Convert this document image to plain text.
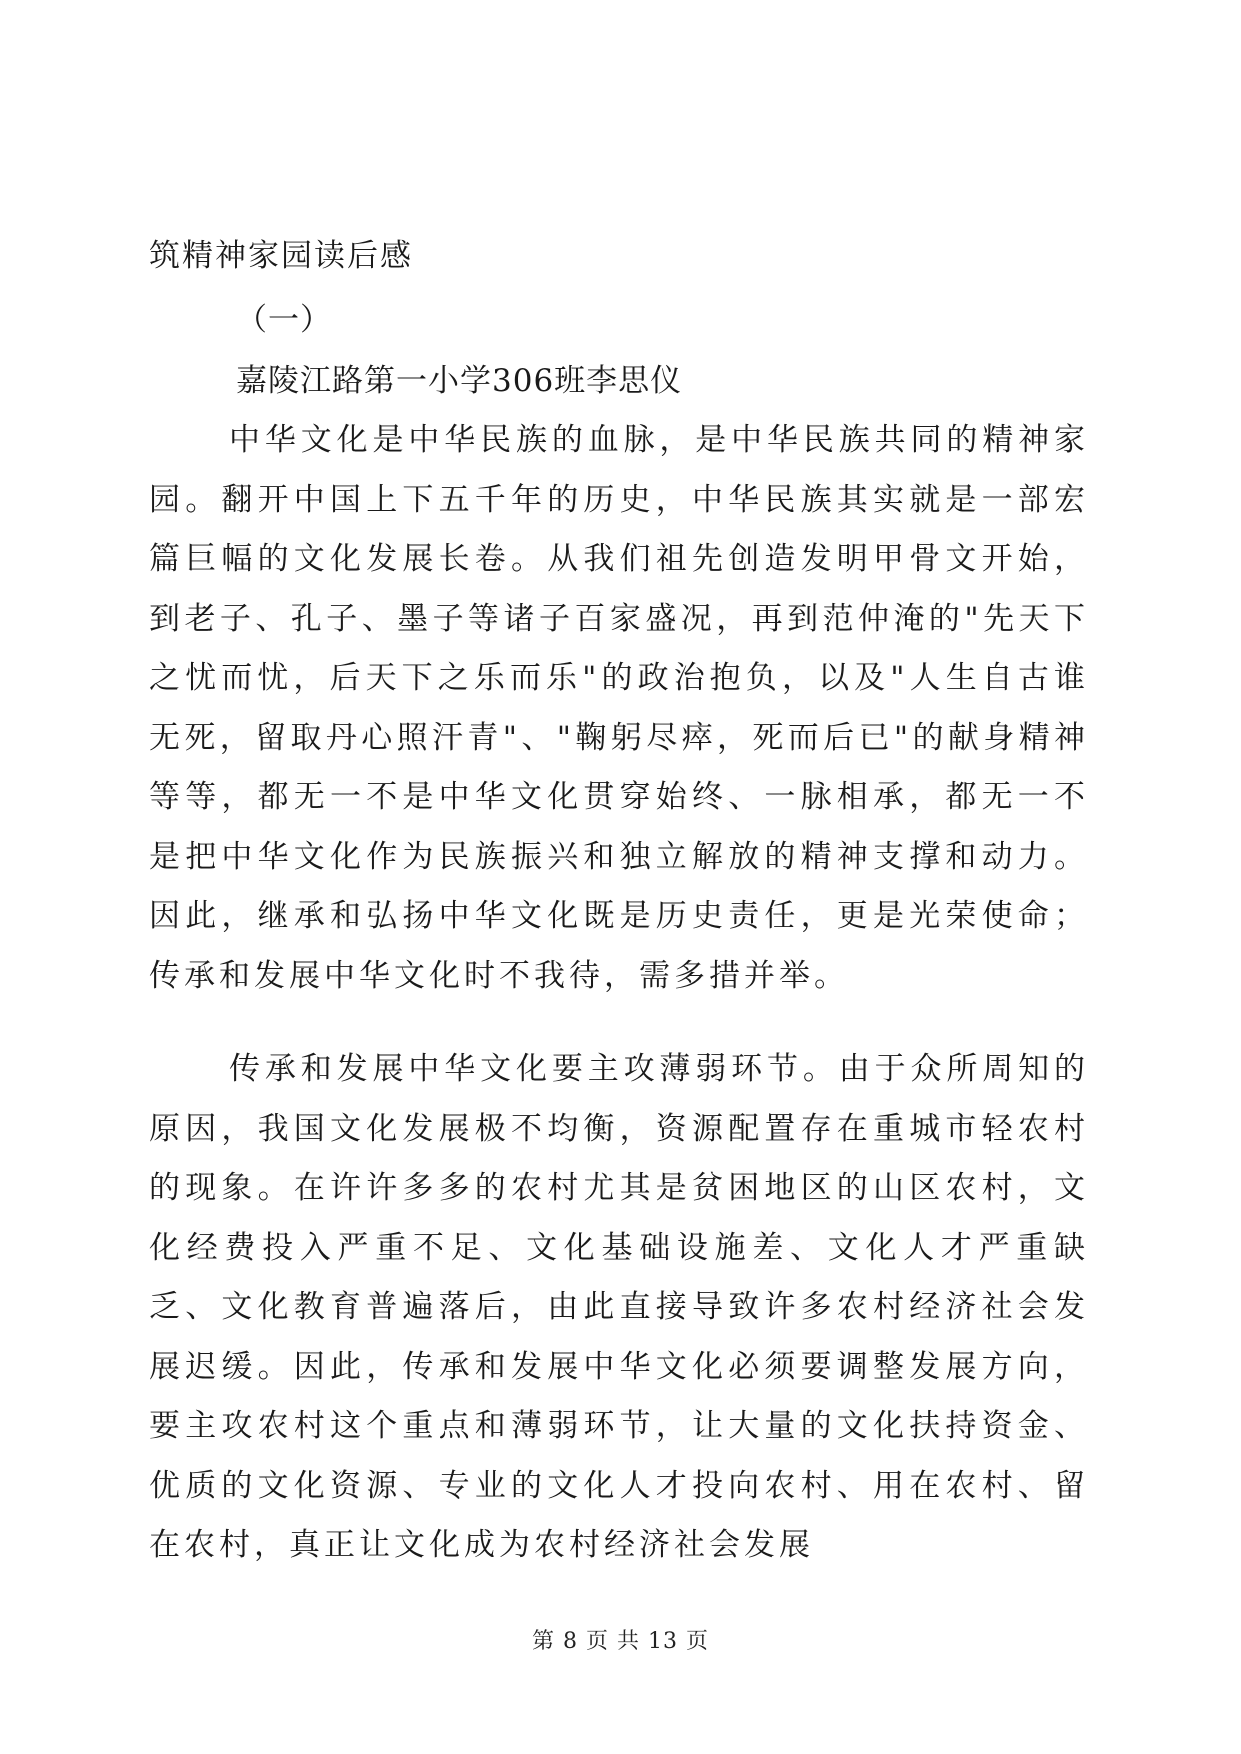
筑精神家园读后感
（一）
嘉陵江路第一小学306班李思仪

中华文化是中华民族的血脉，是中华民族共同的精神家园。翻开中国上下五千年的历史，中华民族其实就是一部宏篇巨幅的文化发展长卷。从我们祖先创造发明甲骨文开始，到老子、孔子、墨子等诸子百家盛况，再到范仲淹的"先天下之忧而忧，后天下之乐而乐"的政治抱负，以及"人生自古谁无死，留取丹心照汗青"、"鞠躬尽瘁，死而后已"的献身精神等等，都无一不是中华文化贯穿始终、一脉相承，都无一不是把中华文化作为民族振兴和独立解放的精神支撑和动力。因此，继承和弘扬中华文化既是历史责任，更是光荣使命；传承和发展中华文化时不我待，需多措并举。

传承和发展中华文化要主攻薄弱环节。由于众所周知的原因，我国文化发展极不均衡，资源配置存在重城市轻农村的现象。在许许多多的农村尤其是贫困地区的山区农村，文化经费投入严重不足、文化基础设施差、文化人才严重缺乏、文化教育普遍落后，由此直接导致许多农村经济社会发展迟缓。因此，传承和发展中华文化必须要调整发展方向，要主攻农村这个重点和薄弱环节，让大量的文化扶持资金、优质的文化资源、专业的文化人才投向农村、用在农村、留在农村，真正让文化成为农村经济社会发展

第 8 页 共 13 页
